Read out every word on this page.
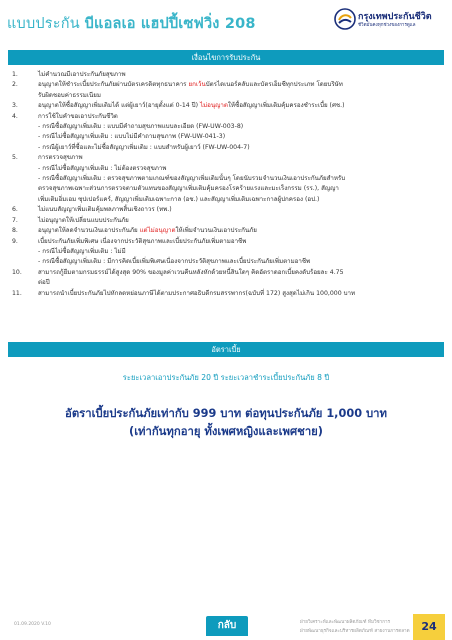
แบบประกัน บีแอลเอ แฮปปี้เซฟวิ่ง 208	กรุงเทพประกันชีวิต
ชีวิตมั่นคงทุกช่วงของการดูแล
เงื่อนไขการรับประกัน
1.	ไม่คำนวณมีเอาประกันภัยสุขภาพ
2.	อนุญาตให้ชำระเบี้ยประกันภัยผ่านบัตรเครดิตทุกธนาคาร ยกเว้นบัตรไดเนอร์คลับและบัตรเอ็มซีทุกประเภท โดยบริษัท
รับผิดชอบค่าธรรมเนียม
3.	อนุญาตให้ซื้อสัญญาเพิ่มเติมได้ แต่ผู้เยาว์(อายุตั้งแต่ 0-14 ปี) ไม่อนุญาตให้ซื้อสัญญาเพิ่มเติมคุ้มครองชำระเบี้ย (ศช.)
4.	การใช้ใบคำขอเอาประกันชีวิต
- กรณีซื้อสัญญาเพิ่มเติม : แบบมีคำถามสุขภาพแบบละเอียด (FW-UW-003-8)
- กรณีไม่ซื้อสัญญาเพิ่มเติม : แบบไม่มีคำถามสุขภาพ (FW-UW-041-3)
- กรณีผู้เยาว์ที่ซื้อและไม่ซื้อสัญญาเพิ่มเติม : แบบสำหรับผู้เยาว์ (FW-UW-004-7)
5.	การตรวจสุขภาพ
- กรณีไม่ซื้อสัญญาเพิ่มเติม : ไม่ต้องตรวจสุขภาพ
- กรณีซื้อสัญญาเพิ่มเติม : ตรวจสุขภาพตามเกณฑ์ของสัญญาเพิ่มเติมนั้นๆ โดยนับรวมจำนวนเงินเอาประกันภัยสำหรับ
ตรวจสุขภาพเฉพาะส่วนการตรวจตามตัวแทนของสัญญาเพิ่มเติมคุ้มครองโรคร้ายแรงและมะเร็งกรรม (รร.), สัญญา
เพิ่มเติมอิ่มเอม ซุปเปอร์แคร์, สัญญาเพิ่มเติมเฉพาะกาล (อช.) และสัญญาเพิ่มเติมเฉพาะกาลผู้ปกครอง (อป.)
6.	ไม่แนบสัญญาเพิ่มเติมคุ้มพลภาพสิ้นเชิงถาวร (ทพ.)
7.	ไม่อนุญาตให้เปลี่ยนแบบประกันภัย
8.	อนุญาตให้ลดจำนวนเงินเอาประกันภัย แต่ไม่อนุญาตให้เพิ่มจำนวนเงินเอาประกันภัย
9.	เบี้ยประกันภัยเพิ่มพิเศษ เนื่องจากประวัติสุขภาพและเบี้ยประกันภัยเพิ่มตามอาชีพ
- กรณีไม่ซื้อสัญญาเพิ่มเติม : ไม่มี
- กรณีซื้อสัญญาเพิ่มเติม : มีการคิดเบี้ยเพิ่มพิเศษเนื่องจากประวัติสุขภาพและเบี้ยประกันภัยเพิ่มตามอาชีพ
10.	สามารถกู้ยืมตามกรมธรรม์ได้สูงสุด 90% ของมูลค่าเวนคืนหลังหักด้วยหนี้สินใดๆ คิดอัตราดอกเบี้ยคงดับร้อยละ 4.75
ต่อปี
11.	สามารถนำเบี้ยประกันภัยไปหักลดหย่อนภาษีได้ตามประกาศอธิบดีกรมสรรพากร(ฉบับที่ 172) สูงสุดไม่เกิน 100,000 บาท
อัตราเบี้ย
ระยะเวลาเอาประกันภัย 20 ปี ระยะเวลาชำระเบี้ยประกันภัย 8 ปี
อัตราเบี้ยประกันภัยเท่ากับ 999 บาท ต่อทุนประกันภัย 1,000 บาท
(เท่ากันทุกอายุ ทั้งเพศหญิงและเพศชาย)
01.09.2020 V.10	กลับ	ฝ่ายวิเคราะห์และพัฒนาผลิตภัณฑ์ ทีมวิชาการ
ฝ่ายพัฒนาธุรกิจและบริหารผลิตภัณฑ์ สายงานการตลาด	24
